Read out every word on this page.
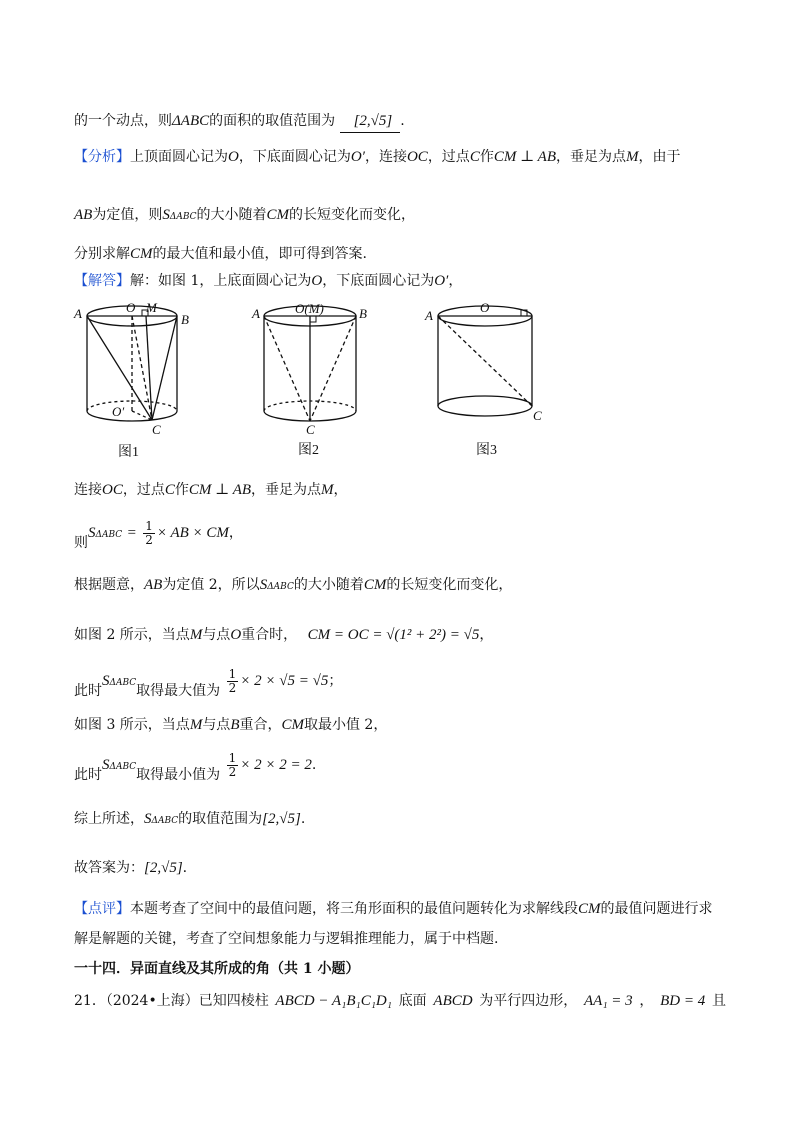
的一个动点，则ΔABC的面积的取值范围为 [2,√5] .
【分析】上顶面圆心记为O，下底面圆心记为O′，连接OC，过点C作CM ⊥ AB，垂足为点M，由于
AB为定值，则SΔABC的大小随着CM的长短变化而变化，
分别求解CM的最大值和最小值，即可得到答案.
【解答】解：如图 1，上底面圆心记为O，下底面圆心记为O′，
A	B
O M
O′
C
图1
A	B
O(M)
C
图2
A
O
C
图3
连接OC，过点C作CM ⊥ AB，垂足为点M，
则$S\Delta ABC = \frac{1}{2}$ × AB × CM，
根据题意，AB为定值 2，所以SΔABC的大小随着CM的长短变化而变化，
如图 2 所示，当点M与点O重合时， CM = OC = √(1² + 2²) = √5，
此时SΔABC取得最大值为 $\frac{1}{2} \times 2 \times √5 = √5$；
如图 3 所示，当点M与点B重合，CM取最小值 2，
此时SΔABC取得最小值为 $\frac{1}{2} \times 2 \times 2 = 2$.
综上所述，SΔABC的取值范围为[2,√5].
故答案为：[2,√5].
【点评】本题考查了空间中的最值问题，将三角形面积的最值问题转化为求解线段CM的最值问题进行求
解是解题的关键，考查了空间想象能力与逻辑推理能力，属于中档题.
一十四．异面直线及其所成的角（共 1 小题）
21．（2024•上海）已知四棱柱 ABCD − A₁B₁C₁D₁ 底面 ABCD 为平行四边形， AA₁ = 3 ， BD = 4 且
